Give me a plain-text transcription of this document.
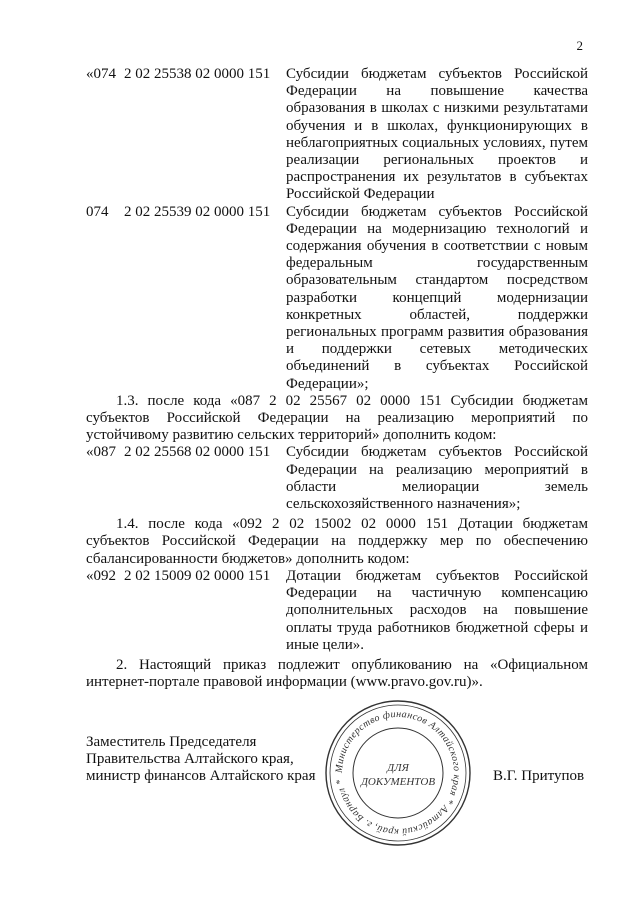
2
«074 2 02 25538 02 0000 151	Субсидии бюджетам субъектов Российской Федерации на повышение качества образования в школах с низкими результатами обучения и в школах, функционирующих в неблагоприятных социальных условиях, путем реализации региональных проектов и распространения их результатов в субъектах Российской Федерации
074 2 02 25539 02 0000 151	Субсидии бюджетам субъектов Российской Федерации на модернизацию технологий и содержания обучения в соответствии с новым федеральным государственным образовательным стандартом посредством разработки концепций модернизации конкретных областей, поддержки региональных программ развития образования и поддержки сетевых методических объединений в субъектах Российской Федерации»;

1.3. после кода «087 2 02 25567 02 0000 151 Субсидии бюджетам субъектов Российской Федерации на реализацию мероприятий по устойчивому развитию сельских территорий» дополнить кодом:

«087 2 02 25568 02 0000 151	Субсидии бюджетам субъектов Российской Федерации на реализацию мероприятий в области мелиорации земель сельскохозяйственного назначения»;

1.4. после кода «092 2 02 15002 02 0000 151 Дотации бюджетам субъектов Российской Федерации на поддержку мер по обеспечению сбалансированности бюджетов» дополнить кодом:

«092 2 02 15009 02 0000 151	Дотации бюджетам субъектов Российской Федерации на частичную компенсацию дополнительных расходов на повышение оплаты труда работников бюджетной сферы и иные цели».

2. Настоящий приказ подлежит опубликованию на «Официальном интернет-портале правовой информации (www.pravo.gov.ru)».

Заместитель Председателя
Правительства Алтайского края,
министр финансов Алтайского края	В.Г. Притупов
Министерство финансов Алтайского края * Алтайский край, г. Барнаул *
ДЛЯ
ДОКУМЕНТОВ
